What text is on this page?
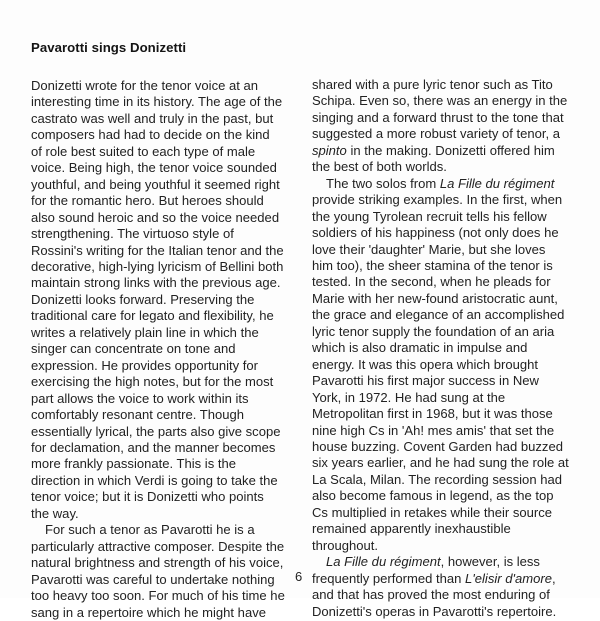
Pavarotti sings Donizetti
Donizetti wrote for the tenor voice at an
interesting time in its history. The age of the
castrato was well and truly in the past, but
composers had had to decide on the kind
of role best suited to each type of male
voice. Being high, the tenor voice sounded
youthful, and being youthful it seemed right
for the romantic hero. But heroes should
also sound heroic and so the voice needed
strengthening. The virtuoso style of
Rossini's writing for the Italian tenor and the
decorative, high-lying lyricism of Bellini both
maintain strong links with the previous age.
Donizetti looks forward. Preserving the
traditional care for legato and flexibility, he
writes a relatively plain line in which the
singer can concentrate on tone and
expression. He provides opportunity for
exercising the high notes, but for the most
part allows the voice to work within its
comfortably resonant centre. Though
essentially lyrical, the parts also give scope
for declamation, and the manner becomes
more frankly passionate. This is the
direction in which Verdi is going to take the
tenor voice; but it is Donizetti who points
the way.
For such a tenor as Pavarotti he is a
particularly attractive composer. Despite the
natural brightness and strength of his voice,
Pavarotti was careful to undertake nothing
too heavy too soon. For much of his time he
sang in a repertoire which he might have
shared with a pure lyric tenor such as Tito
Schipa. Even so, there was an energy in the
singing and a forward thrust to the tone that
suggested a more robust variety of tenor, a
spinto in the making. Donizetti offered him
the best of both worlds.
The two solos from La Fille du régiment
provide striking examples. In the first, when
the young Tyrolean recruit tells his fellow
soldiers of his happiness (not only does he
love their 'daughter' Marie, but she loves
him too), the sheer stamina of the tenor is
tested. In the second, when he pleads for
Marie with her new-found aristocratic aunt,
the grace and elegance of an accomplished
lyric tenor supply the foundation of an aria
which is also dramatic in impulse and
energy. It was this opera which brought
Pavarotti his first major success in New
York, in 1972. He had sung at the
Metropolitan first in 1968, but it was those
nine high Cs in 'Ah! mes amis' that set the
house buzzing. Covent Garden had buzzed
six years earlier, and he had sung the role at
La Scala, Milan. The recording session had
also become famous in legend, as the top
Cs multiplied in retakes while their source
remained apparently inexhaustible
throughout.
La Fille du régiment, however, is less
frequently performed than L'elisir d'amore,
and that has proved the most enduring of
Donizetti's operas in Pavarotti's repertoire.
6
